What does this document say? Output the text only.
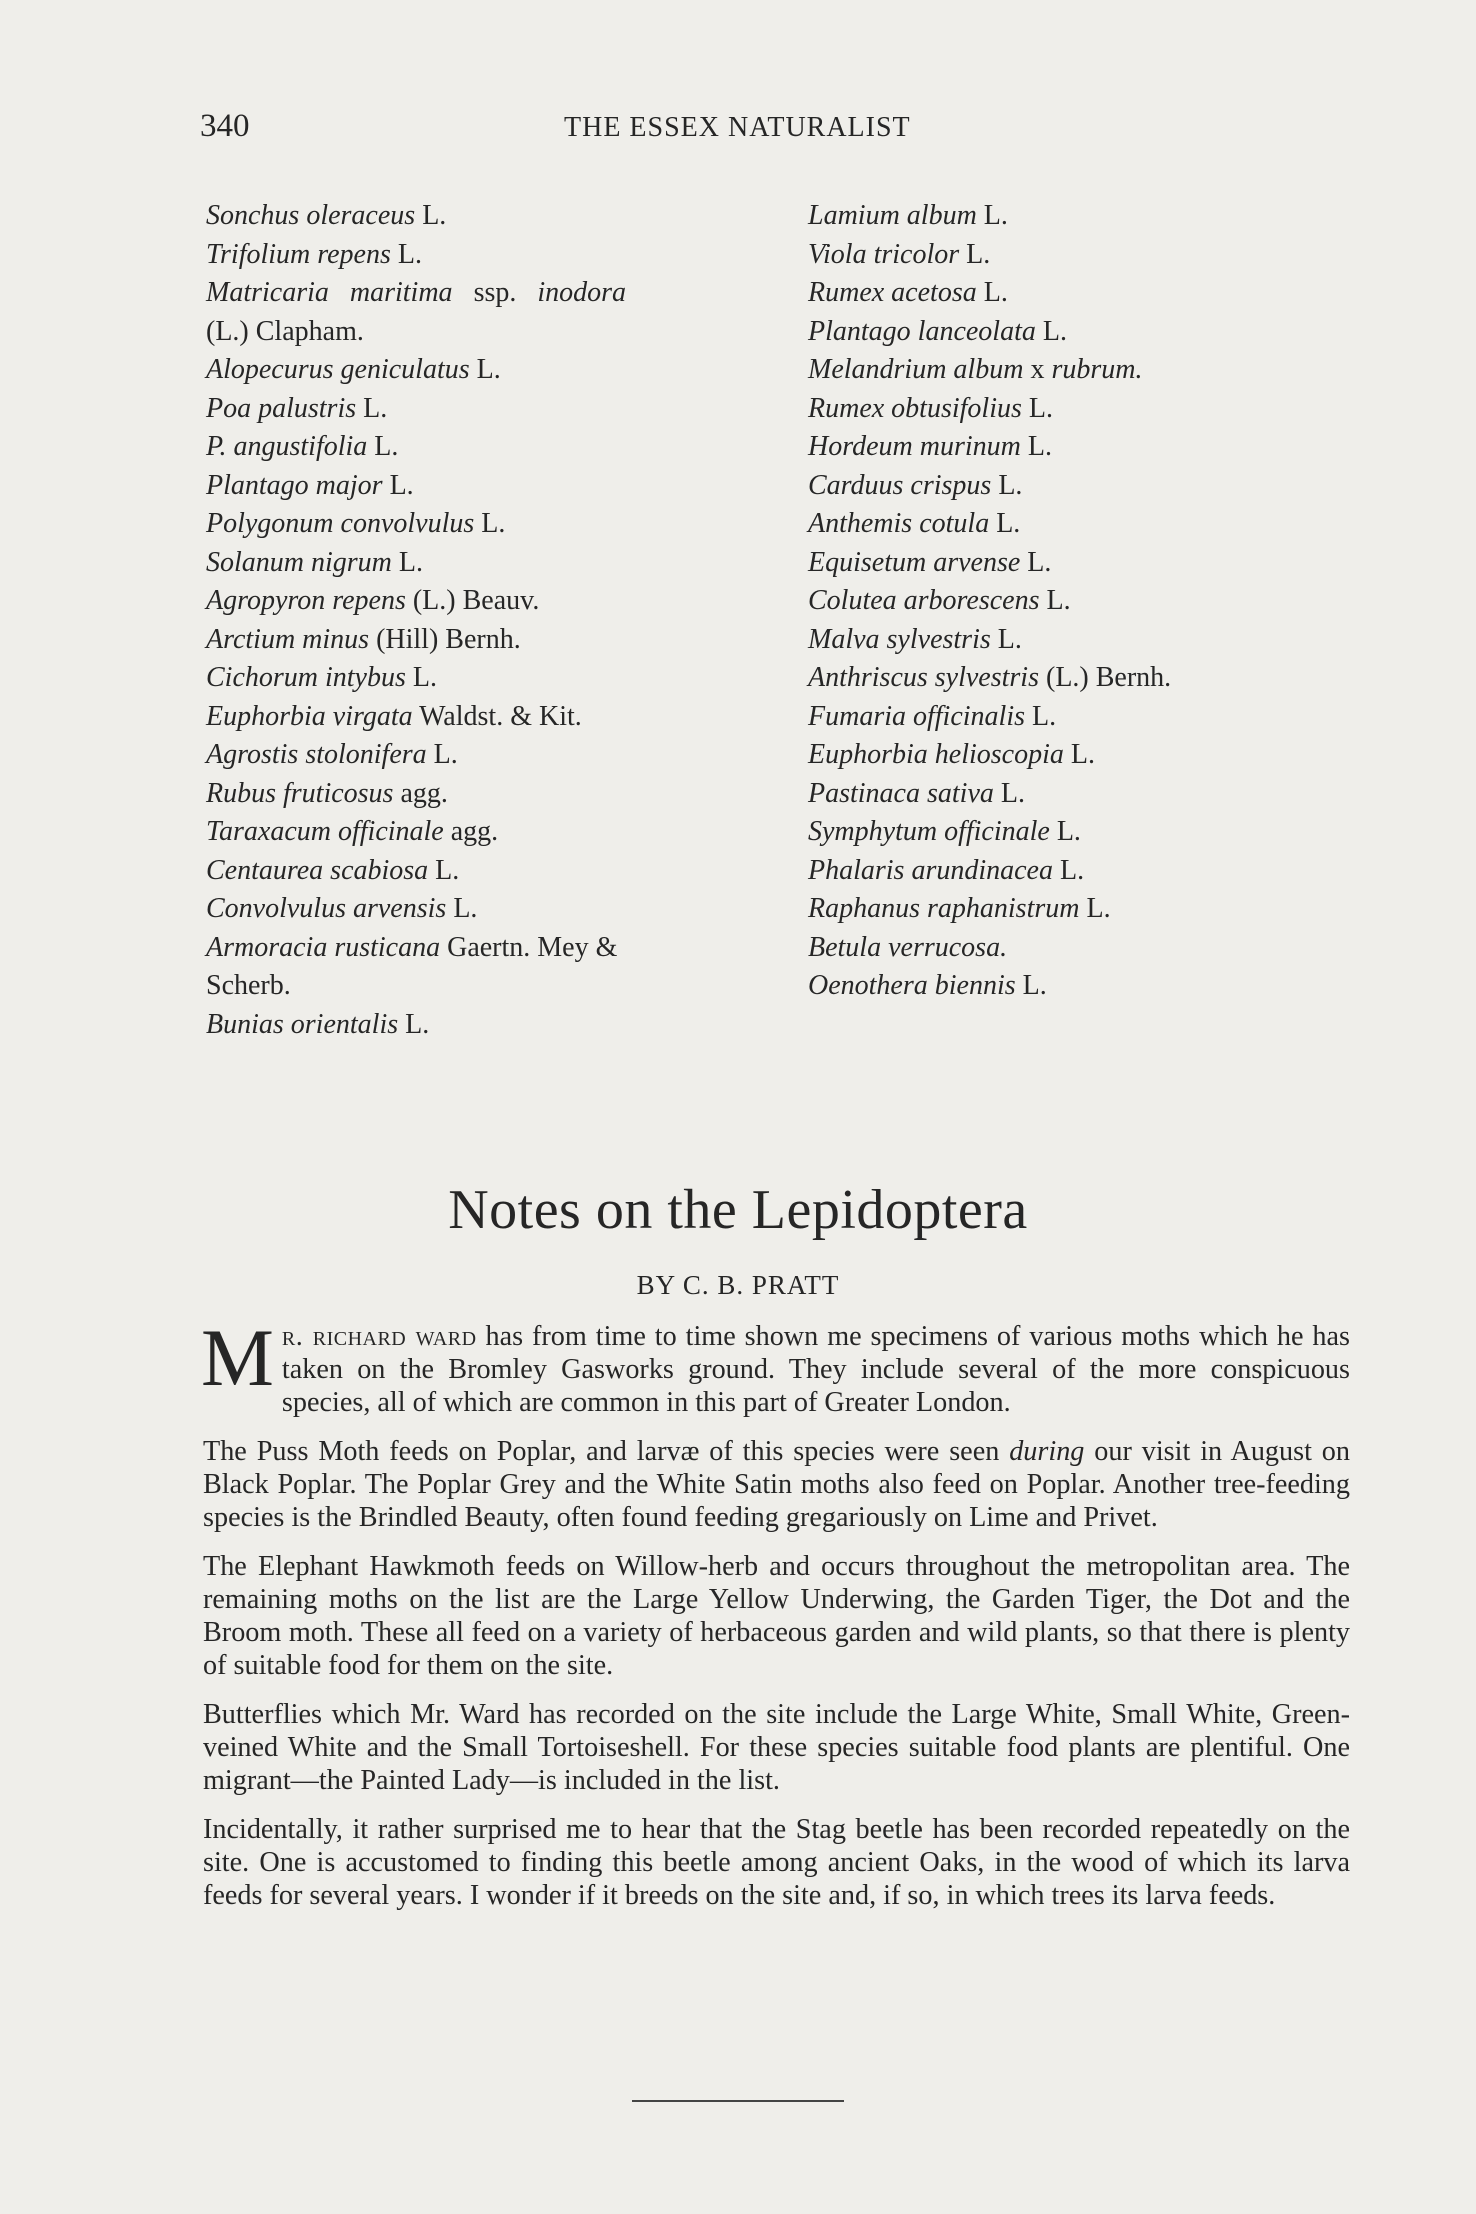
340	THE ESSEX NATURALIST
Sonchus oleraceus L.
Trifolium repens L.
Matricaria maritima ssp. inodora
(L.) Clapham.
Alopecurus geniculatus L.
Poa palustris L.
P. angustifolia L.
Plantago major L.
Polygonum convolvulus L.
Solanum nigrum L.
Agropyron repens (L.) Beauv.
Arctium minus (Hill) Bernh.
Cichorum intybus L.
Euphorbia virgata Waldst. & Kit.
Agrostis stolonifera L.
Rubus fruticosus agg.
Taraxacum officinale agg.
Centaurea scabiosa L.
Convolvulus arvensis L.
Armoracia rusticana Gaertn. Mey &
Scherb.
Bunias orientalis L.
Lamium album L.
Viola tricolor L.
Rumex acetosa L.
Plantago lanceolata L.
Melandrium album x rubrum.
Rumex obtusifolius L.
Hordeum murinum L.
Carduus crispus L.
Anthemis cotula L.
Equisetum arvense L.
Colutea arborescens L.
Malva sylvestris L.
Anthriscus sylvestris (L.) Bernh.
Fumaria officinalis L.
Euphorbia helioscopia L.
Pastinaca sativa L.
Symphytum officinale L.
Phalaris arundinacea L.
Raphanus raphanistrum L.
Betula verrucosa.
Oenothera biennis L.
Notes on the Lepidoptera
BY C. B. PRATT

Mr. richard ward has from time to time shown me specimens of various moths which he has taken on the Bromley Gasworks ground. They include several of the more conspicuous species, all of which are common in this part of Greater London.

The Puss Moth feeds on Poplar, and larvæ of this species were seen during our visit in August on Black Poplar. The Poplar Grey and the White Satin moths also feed on Poplar. Another tree-feeding species is the Brindled Beauty, often found feeding gregariously on Lime and Privet.

The Elephant Hawkmoth feeds on Willow-herb and occurs throughout the metropolitan area. The remaining moths on the list are the Large Yellow Underwing, the Garden Tiger, the Dot and the Broom moth. These all feed on a variety of herbaceous garden and wild plants, so that there is plenty of suitable food for them on the site.

Butterflies which Mr. Ward has recorded on the site include the Large White, Small White, Green-veined White and the Small Tortoiseshell. For these species suitable food plants are plentiful. One migrant—the Painted Lady—is included in the list.

Incidentally, it rather surprised me to hear that the Stag beetle has been recorded repeatedly on the site. One is accustomed to finding this beetle among ancient Oaks, in the wood of which its larva feeds for several years. I wonder if it breeds on the site and, if so, in which trees its larva feeds.
